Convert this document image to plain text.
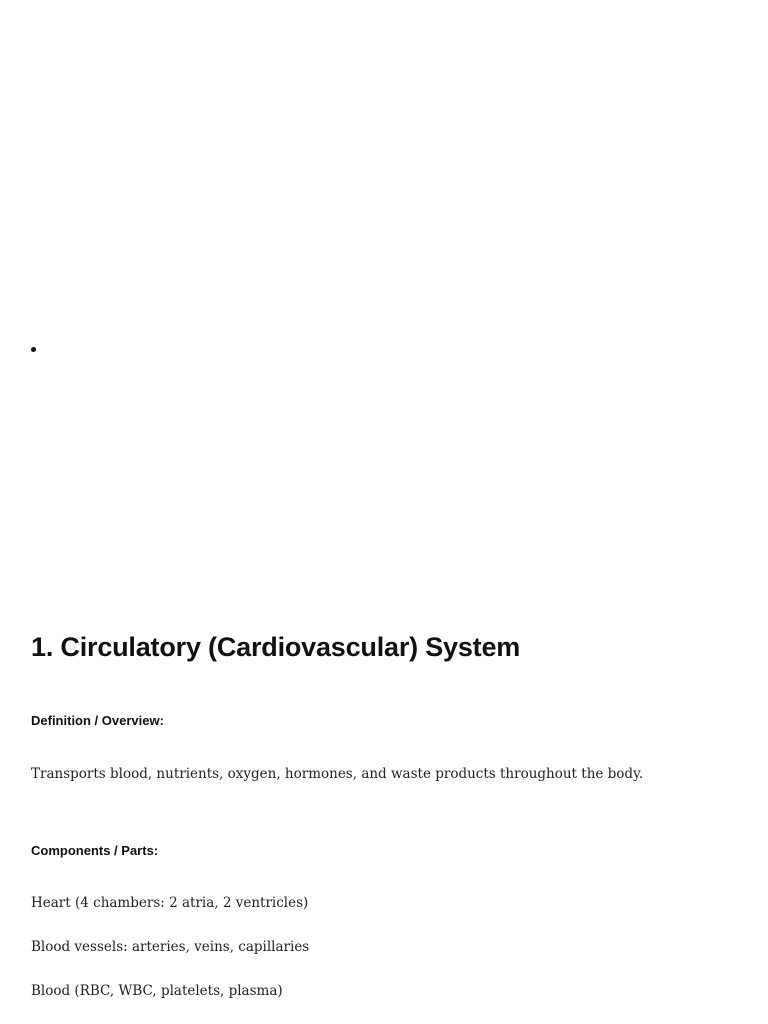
1. Circulatory (Cardiovascular) System
Definition / Overview:

Transports blood, nutrients, oxygen, hormones, and waste products throughout the body.

Components / Parts:

Heart (4 chambers: 2 atria, 2 ventricles)

Blood vessels: arteries, veins, capillaries

Blood (RBC, WBC, platelets, plasma)
